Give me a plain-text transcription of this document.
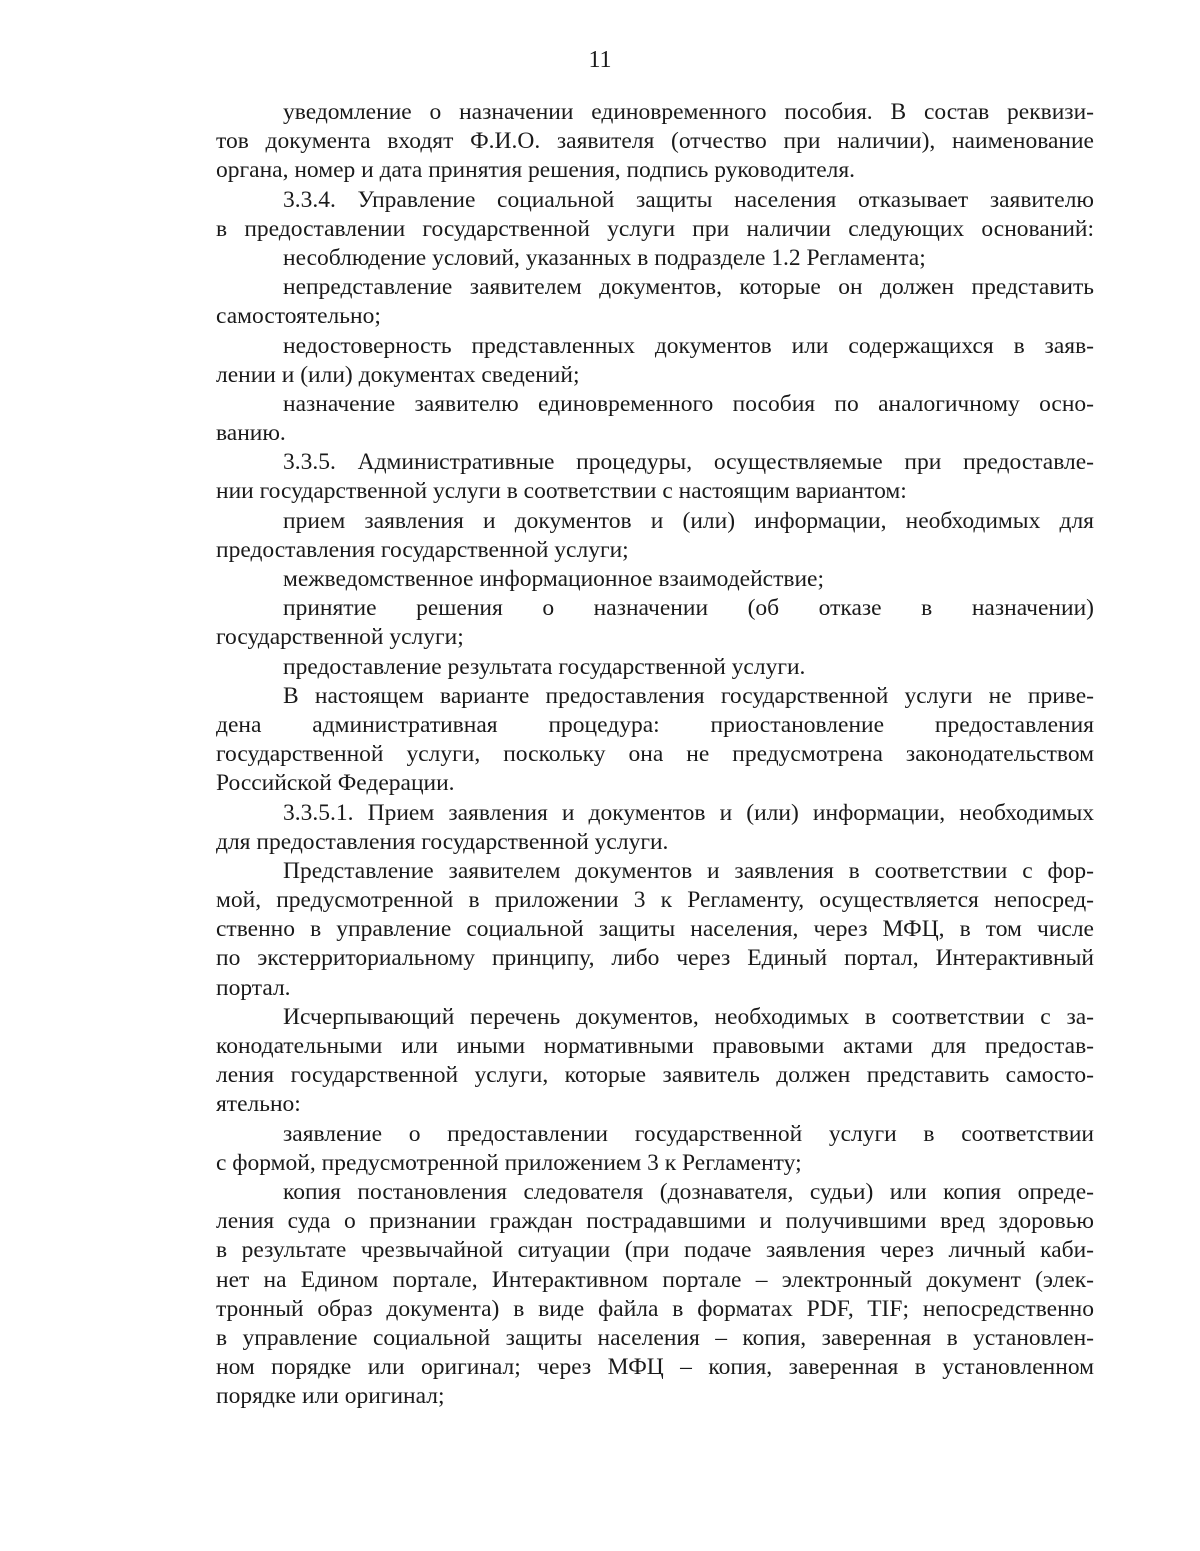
11
уведомление о назначении единовременного пособия. В состав реквизи-
тов документа входят Ф.И.О. заявителя (отчество при наличии), наименование
органа, номер и дата принятия решения, подпись руководителя.
3.3.4. Управление социальной защиты населения отказывает заявителю
в предоставлении государственной услуги при наличии следующих оснований:
несоблюдение условий, указанных в подразделе 1.2 Регламента;
непредставление заявителем документов, которые он должен представить
самостоятельно;
недостоверность представленных документов или содержащихся в заяв-
лении и (или) документах сведений;
назначение заявителю единовременного пособия по аналогичному осно-
ванию.
3.3.5. Административные процедуры, осуществляемые при предоставле-
нии государственной услуги в соответствии с настоящим вариантом:
прием заявления и документов и (или) информации, необходимых для
предоставления государственной услуги;
межведомственное информационное взаимодействие;
принятие решения о назначении (об отказе в назначении)
государственной услуги;
предоставление результата государственной услуги.
В настоящем варианте предоставления государственной услуги не приве-
дена административная процедура: приостановление предоставления
государственной услуги, поскольку она не предусмотрена законодательством
Российской Федерации.
3.3.5.1. Прием заявления и документов и (или) информации, необходимых
для предоставления государственной услуги.
Представление заявителем документов и заявления в соответствии с фор-
мой, предусмотренной в приложении 3 к Регламенту, осуществляется непосред-
ственно в управление социальной защиты населения, через МФЦ, в том числе
по экстерриториальному принципу, либо через Единый портал, Интерактивный
портал.
Исчерпывающий перечень документов, необходимых в соответствии с за-
конодательными или иными нормативными правовыми актами для предостав-
ления государственной услуги, которые заявитель должен представить самосто-
ятельно:
заявление о предоставлении государственной услуги в соответствии
с формой, предусмотренной приложением 3 к Регламенту;
копия постановления следователя (дознавателя, судьи) или копия опреде-
ления суда о признании граждан пострадавшими и получившими вред здоровью
в результате чрезвычайной ситуации (при подаче заявления через личный каби-
нет на Едином портале, Интерактивном портале – электронный документ (элек-
тронный образ документа) в виде файла в форматах PDF, TIF; непосредственно
в управление социальной защиты населения – копия, заверенная в установлен-
ном порядке или оригинал; через МФЦ – копия, заверенная в установленном
порядке или оригинал;
